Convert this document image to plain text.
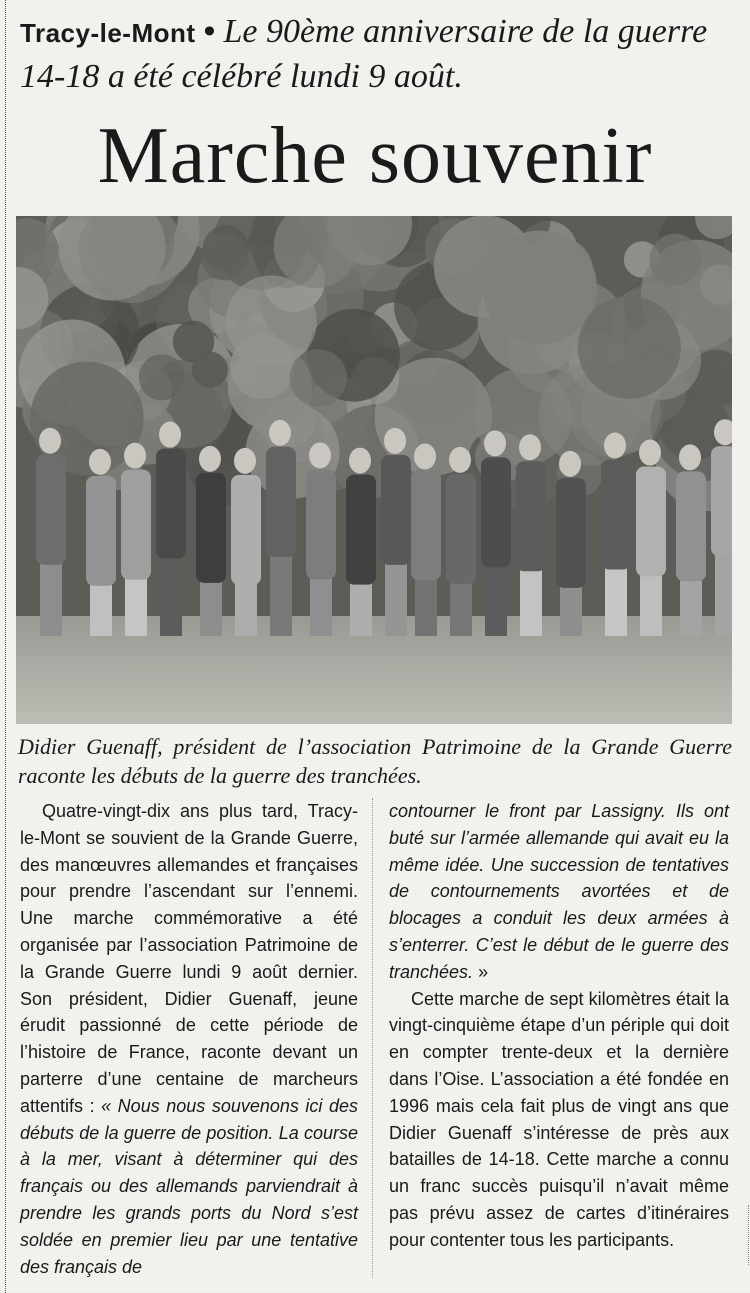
Tracy-le-Mont • Le 90ème anniversaire de la guerre 14-18 a été célébré lundi 9 août.
Marche souvenir
Didier Guenaff, président de l’association Patrimoine de la Grande Guerre raconte les débuts de la guerre des tranchées.

Quatre-vingt-dix ans plus tard, Tracy-le-Mont se souvient de la Grande Guerre, des manœuvres allemandes et françaises pour prendre l’ascendant sur l’ennemi. Une marche commémorative a été organisée par l’association Patrimoine de la Grande Guerre lundi 9 août dernier. Son président, Didier Guenaff, jeune érudit passionné de cette période de l’histoire de France, raconte devant un parterre d’une centaine de marcheurs attentifs : « Nous nous souvenons ici des débuts de la guerre de position. La course à la mer, visant à déterminer qui des français ou des allemands parviendrait à prendre les grands ports du Nord s’est soldée en premier lieu par une tentative des français de

contourner le front par Lassigny. Ils ont buté sur l’armée allemande qui avait eu la même idée. Une succession de tentatives de contournements avortées et de blocages a conduit les deux armées à s’enterrer. C’est le début de le guerre des tranchées. »

Cette marche de sept kilomètres était la vingt-cinquième étape d’un périple qui doit en compter trente-deux et la dernière dans l’Oise. L’association a été fondée en 1996 mais cela fait plus de vingt ans que Didier Guenaff s’intéresse de près aux batailles de 14-18. Cette marche a connu un franc succès puisqu’il n’avait même pas prévu assez de cartes d’itinéraires pour contenter tous les participants.
